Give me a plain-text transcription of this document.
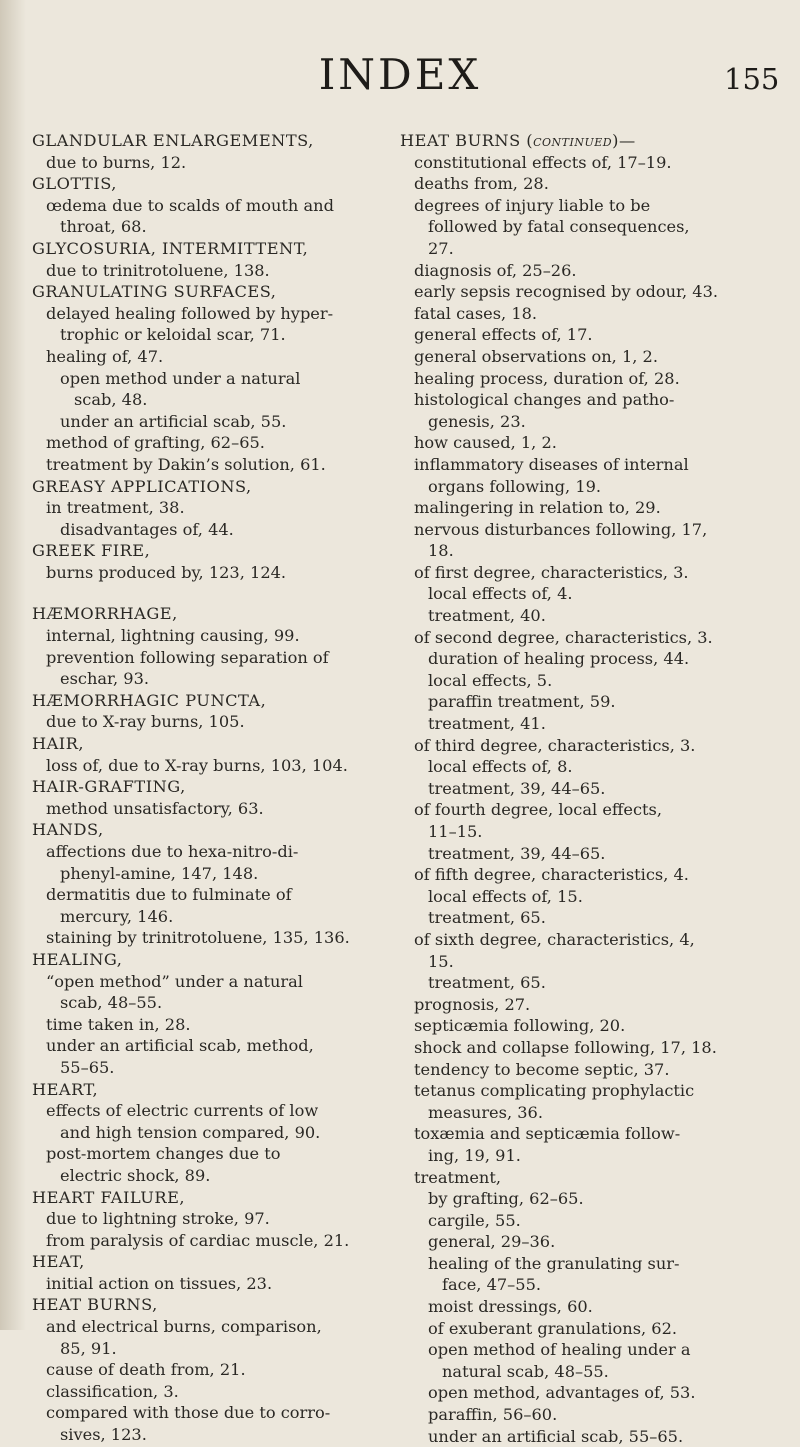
INDEX	155
GLANDULAR ENLARGEMENTS,
due to burns, 12.
GLOTTIS,
œdema due to scalds of mouth and
throat, 68.
GLYCOSURIA, INTERMITTENT,
due to trinitrotoluene, 138.
GRANULATING SURFACES,
delayed healing followed by hyper-
trophic or keloidal scar, 71.
healing of, 47.
open method under a natural
scab, 48.
under an artificial scab, 55.
method of grafting, 62–65.
treatment by Dakin’s solution, 61.
GREASY APPLICATIONS,
in treatment, 38.
disadvantages of, 44.
GREEK FIRE,
burns produced by, 123, 124.
HÆMORRHAGE,
internal, lightning causing, 99.
prevention following separation of
eschar, 93.
HÆMORRHAGIC PUNCTA,
due to X-ray burns, 105.
HAIR,
loss of, due to X-ray burns, 103, 104.
HAIR-GRAFTING,
method unsatisfactory, 63.
HANDS,
affections due to hexa-nitro-di-
phenyl-amine, 147, 148.
dermatitis due to fulminate of
mercury, 146.
staining by trinitrotoluene, 135, 136.
HEALING,
“open method” under a natural
scab, 48–55.
time taken in, 28.
under an artificial scab, method,
55–65.
HEART,
effects of electric currents of low
and high tension compared, 90.
post-mortem changes due to
electric shock, 89.
HEART FAILURE,
due to lightning stroke, 97.
from paralysis of cardiac muscle, 21.
HEAT,
initial action on tissues, 23.
HEAT BURNS,
and electrical burns, comparison,
85, 91.
cause of death from, 21.
classification, 3.
compared with those due to corro-
sives, 123.
HEAT BURNS (continued)—
constitutional effects of, 17–19.
deaths from, 28.
degrees of injury liable to be
followed by fatal consequences,
27.
diagnosis of, 25–26.
early sepsis recognised by odour, 43.
fatal cases, 18.
general effects of, 17.
general observations on, 1, 2.
healing process, duration of, 28.
histological changes and patho-
genesis, 23.
how caused, 1, 2.
inflammatory diseases of internal
organs following, 19.
malingering in relation to, 29.
nervous disturbances following, 17,
18.
of first degree, characteristics, 3.
local effects of, 4.
treatment, 40.
of second degree, characteristics, 3.
duration of healing process, 44.
local effects, 5.
paraffin treatment, 59.
treatment, 41.
of third degree, characteristics, 3.
local effects of, 8.
treatment, 39, 44–65.
of fourth degree, local effects,
11–15.
treatment, 39, 44–65.
of fifth degree, characteristics, 4.
local effects of, 15.
treatment, 65.
of sixth degree, characteristics, 4,
15.
treatment, 65.
prognosis, 27.
septicæmia following, 20.
shock and collapse following, 17, 18.
tendency to become septic, 37.
tetanus complicating prophylactic
measures, 36.
toxæmia and septicæmia follow-
ing, 19, 91.
treatment,
by grafting, 62–65.
cargile, 55.
general, 29–36.
healing of the granulating sur-
face, 47–55.
moist dressings, 60.
of exuberant granulations, 62.
open method of healing under a
natural scab, 48–55.
open method, advantages of, 53.
paraffin, 56–60.
under an artificial scab, 55–65.
